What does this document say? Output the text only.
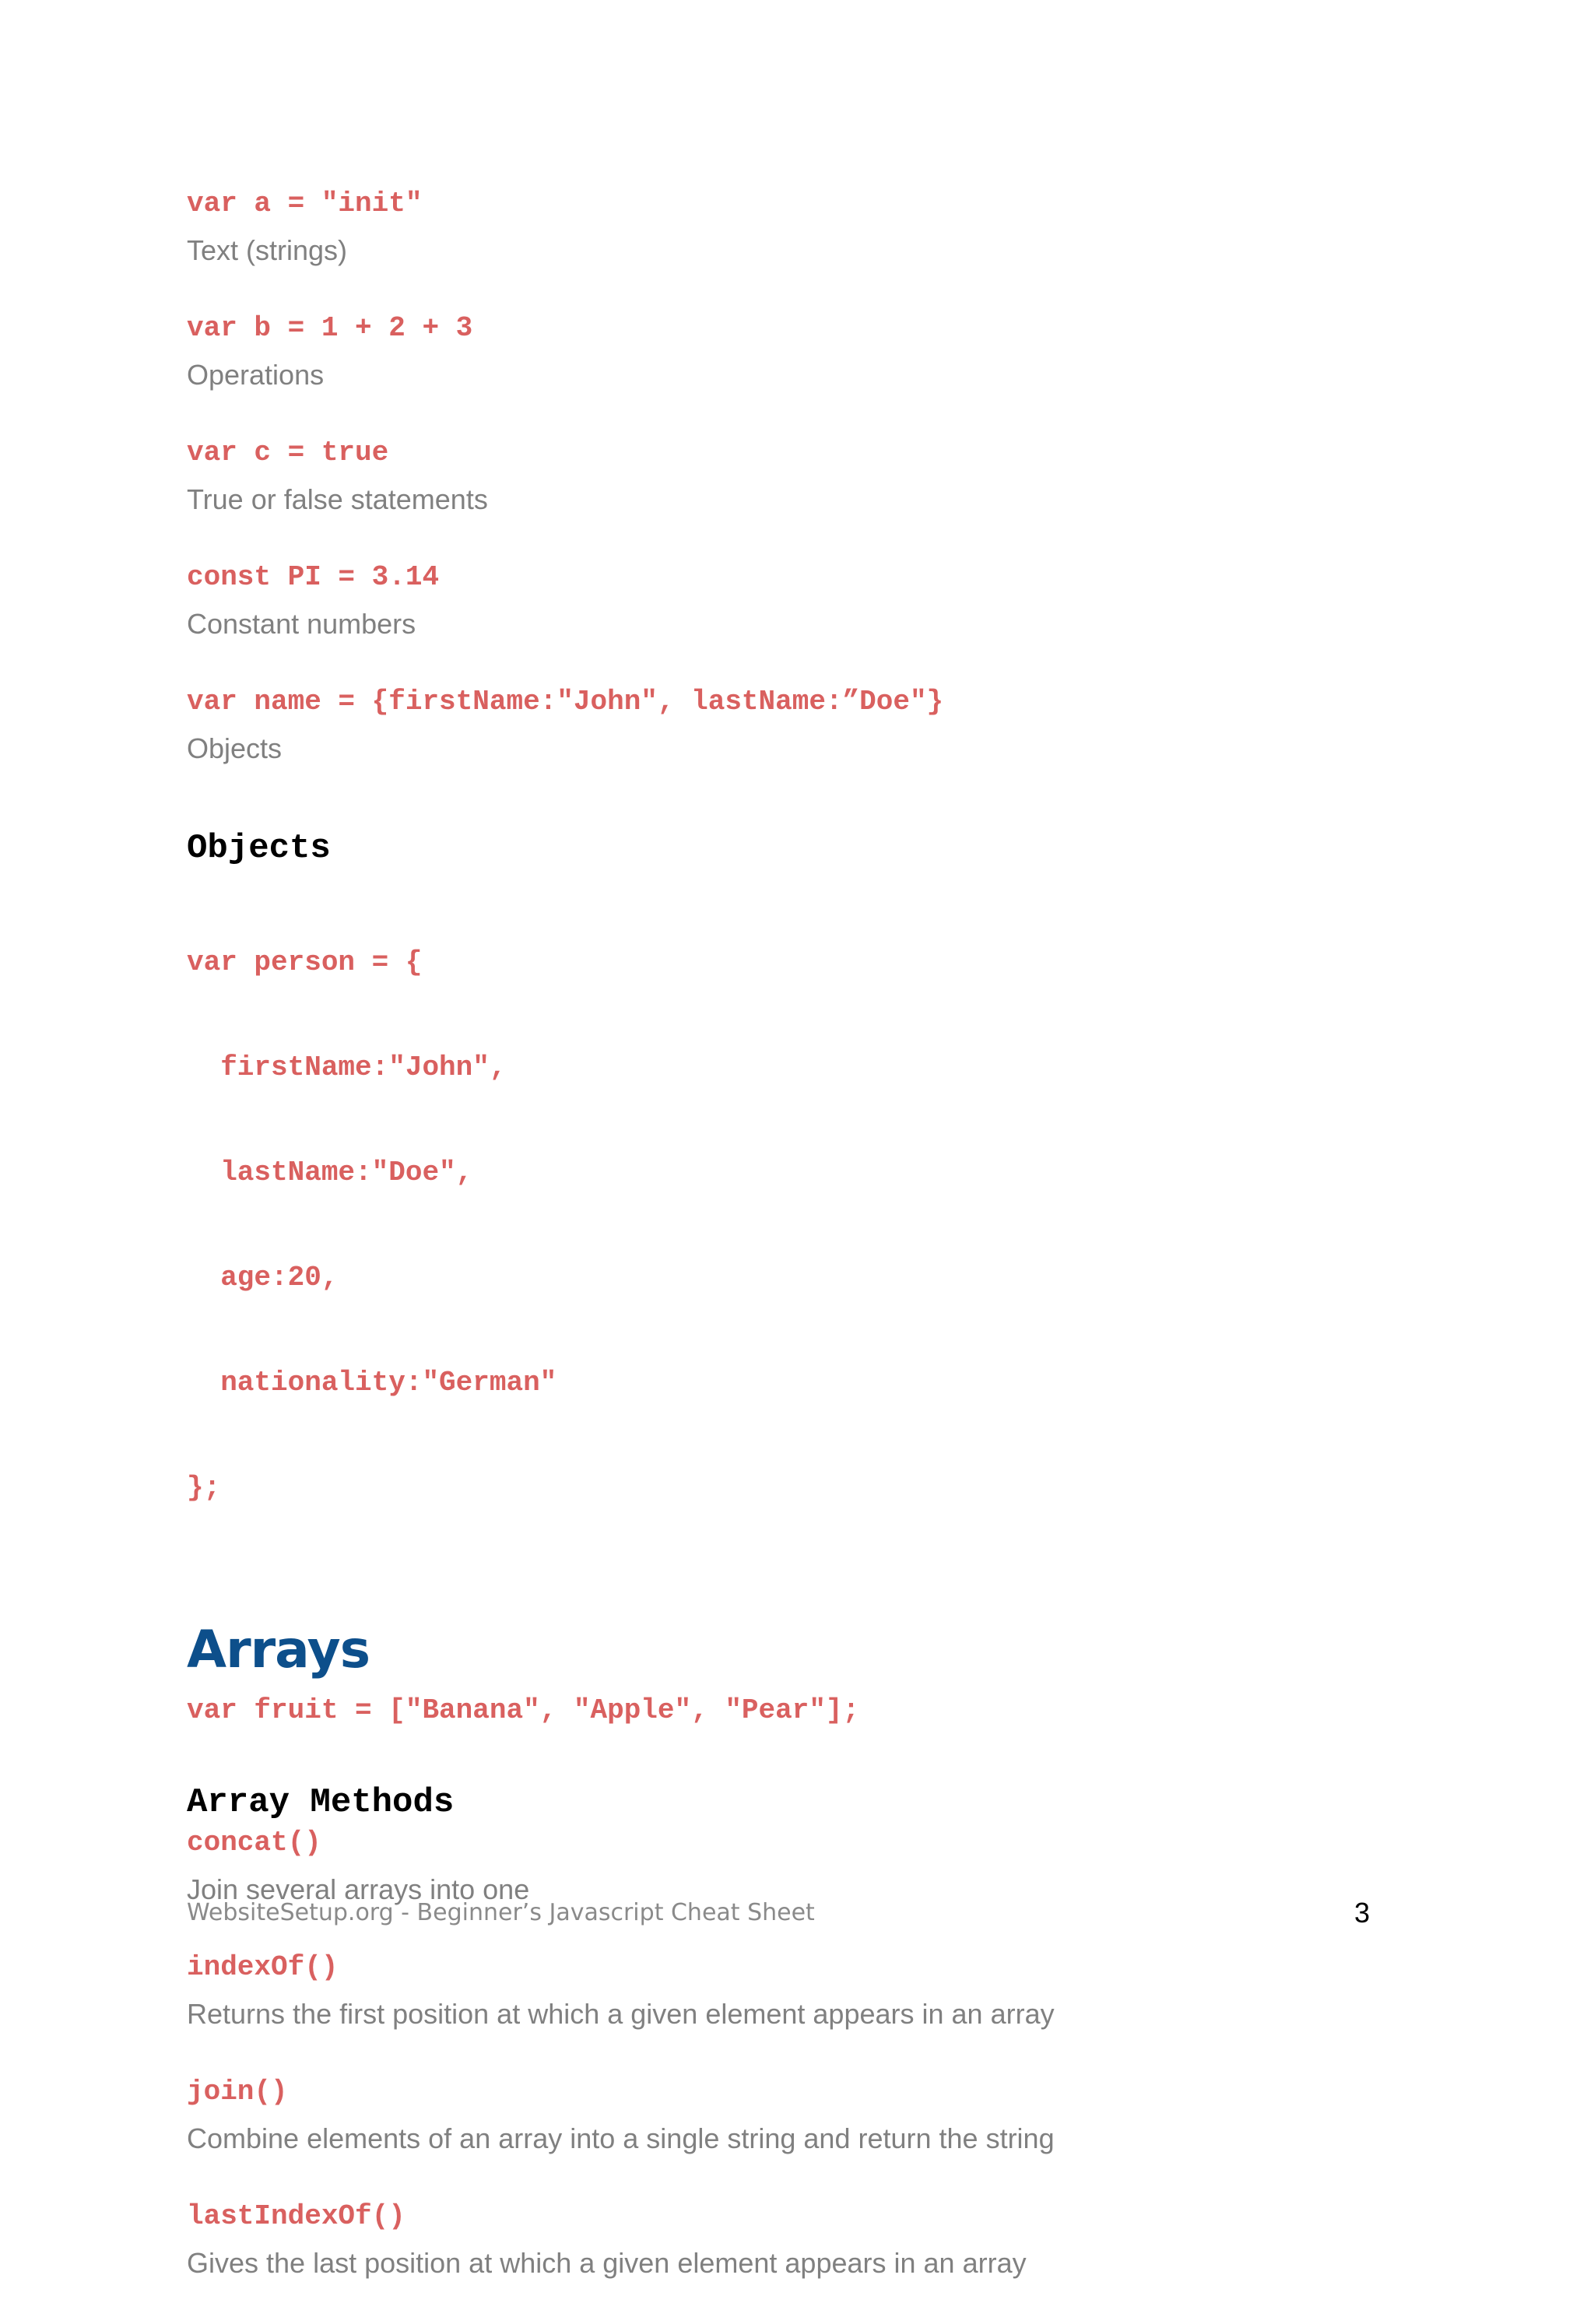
var a = "init"
Text (strings)
var b = 1 + 2 + 3
Operations
var c = true
True or false statements
const PI = 3.14
Constant numbers
var name = {firstName:"John", lastName:”Doe"}
Objects
Objects

var person = {

firstName:"John",

lastName:"Doe",

age:20,

nationality:"German"

};

Arrays
var fruit = ["Banana", "Apple", "Pear"];
Array Methods
concat()
Join several arrays into one
indexOf()
Returns the first position at which a given element appears in an array
join()
Combine elements of an array into a single string and return the string
lastIndexOf()
Gives the last position at which a given element appears in an array
WebsiteSetup.org - Beginner’s Javascript Cheat Sheet	3
